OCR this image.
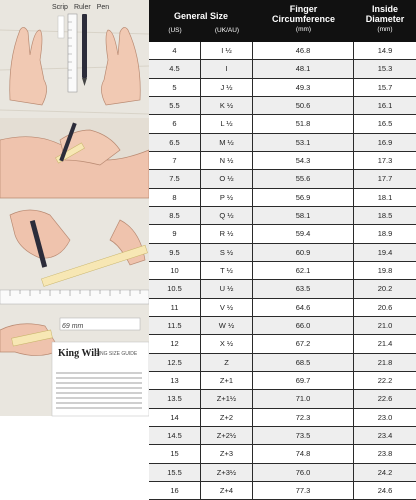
Scrip Ruler Pen
69 mm
King Will
RING SIZE GUIDE
General Size
(US)	(UK/AU)
Finger
Circumference
(mm)
Inside
Diameter
(mm)
4	I ½	46.8	14.9
4.5	I	48.1	15.3
5	J ½	49.3	15.7
5.5	K ½	50.6	16.1
6	L ½	51.8	16.5
6.5	M ½	53.1	16.9
7	N ½	54.3	17.3
7.5	O ½	55.6	17.7
8	P ½	56.9	18.1
8.5	Q ½	58.1	18.5
9	R ½	59.4	18.9
9.5	S ½	60.9	19.4
10	T ½	62.1	19.8
10.5	U ½	63.5	20.2
11	V ½	64.6	20.6
11.5	W ½	66.0	21.0
12	X ½	67.2	21.4
12.5	Z	68.5	21.8
13	Z+1	69.7	22.2
13.5	Z+1½	71.0	22.6
14	Z+2	72.3	23.0
14.5	Z+2½	73.5	23.4
15	Z+3	74.8	23.8
15.5	Z+3½	76.0	24.2
16	Z+4	77.3	24.6
